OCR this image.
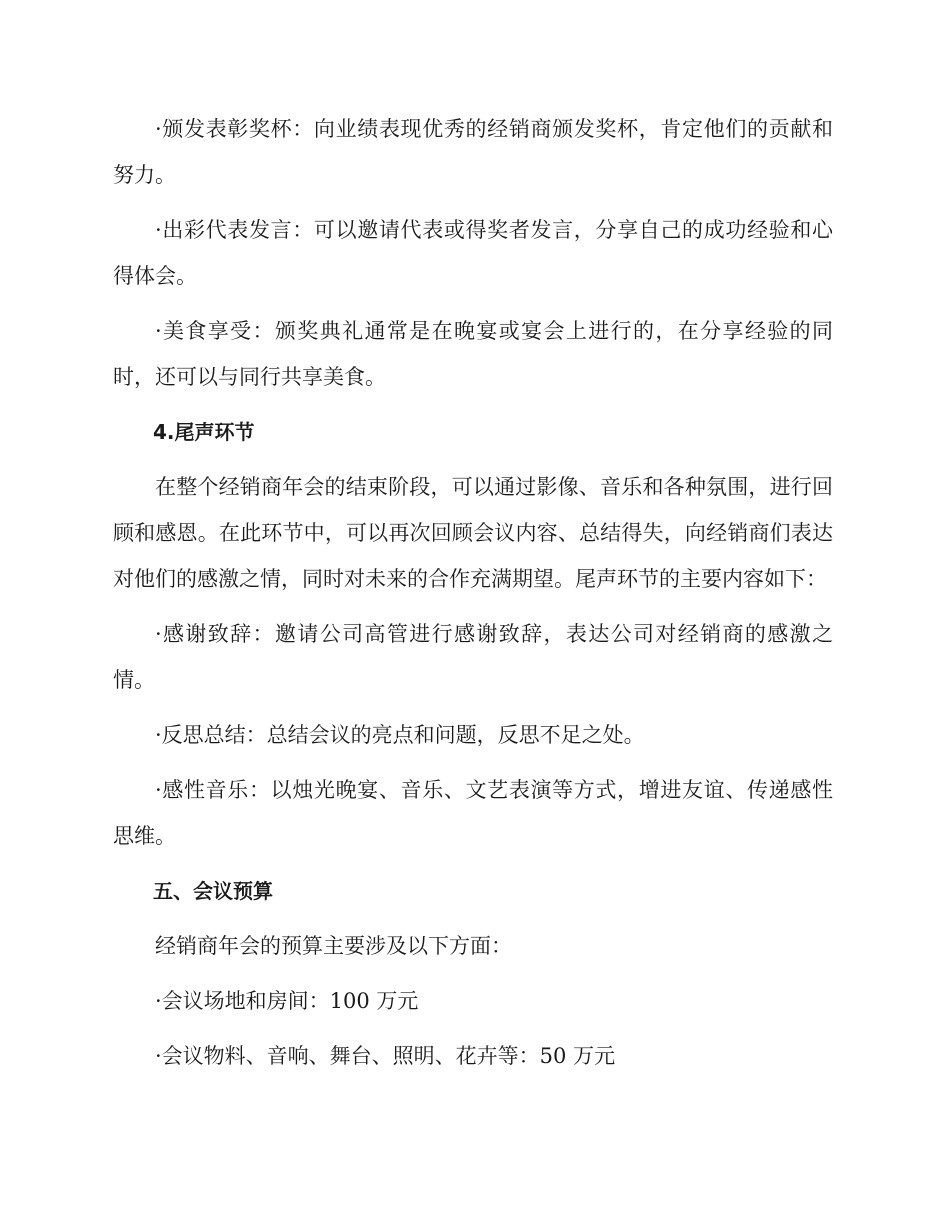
·颁发表彰奖杯：向业绩表现优秀的经销商颁发奖杯，肯定他们的贡献和努力。

·出彩代表发言：可以邀请代表或得奖者发言，分享自己的成功经验和心得体会。

·美食享受：颁奖典礼通常是在晚宴或宴会上进行的，在分享经验的同时，还可以与同行共享美食。

4.尾声环节

在整个经销商年会的结束阶段，可以通过影像、音乐和各种氛围，进行回顾和感恩。在此环节中，可以再次回顾会议内容、总结得失，向经销商们表达对他们的感激之情，同时对未来的合作充满期望。尾声环节的主要内容如下：

·感谢致辞：邀请公司高管进行感谢致辞，表达公司对经销商的感激之情。

·反思总结：总结会议的亮点和问题，反思不足之处。

·感性音乐：以烛光晚宴、音乐、文艺表演等方式，增进友谊、传递感性思维。

五、会议预算

经销商年会的预算主要涉及以下方面：

·会议场地和房间：100 万元

·会议物料、音响、舞台、照明、花卉等：50 万元
